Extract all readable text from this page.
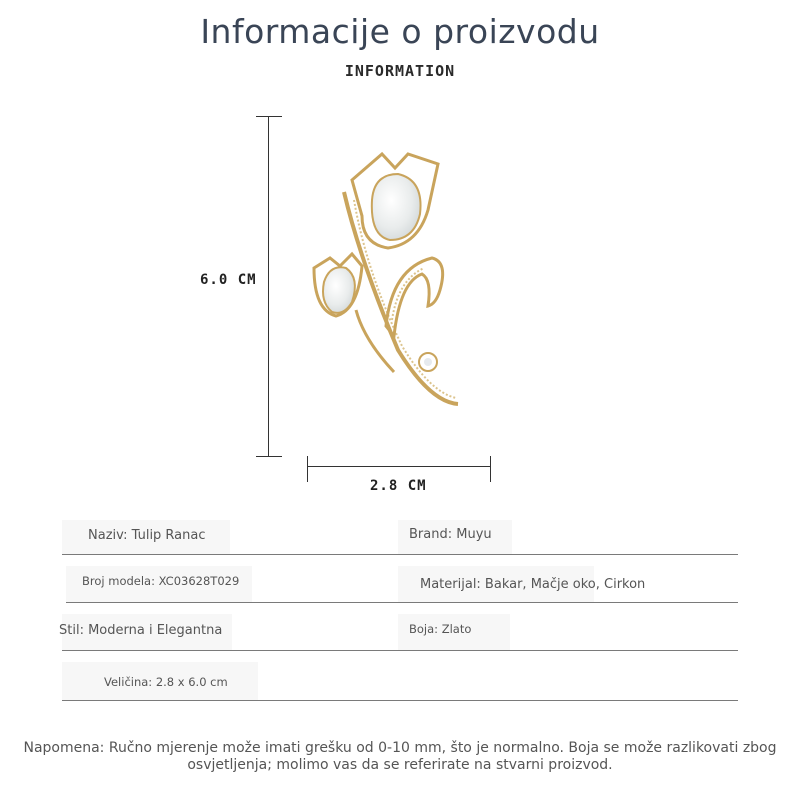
Informacije o proizvodu
INFORMATION
6.0 CM
2.8 CM
Naziv: Tulip Ranac	Brand: Muyu
Broj modela: XC03628T029	Materijal: Bakar, Mačje oko, Cirkon
Stil: Moderna i Elegantna	Boja: Zlato
Veličina: 2.8 x 6.0 cm
Napomena: Ručno mjerenje može imati grešku od 0-10 mm, što je normalno. Boja se može razlikovati zbog osvjetljenja; molimo vas da se referirate na stvarni proizvod.
